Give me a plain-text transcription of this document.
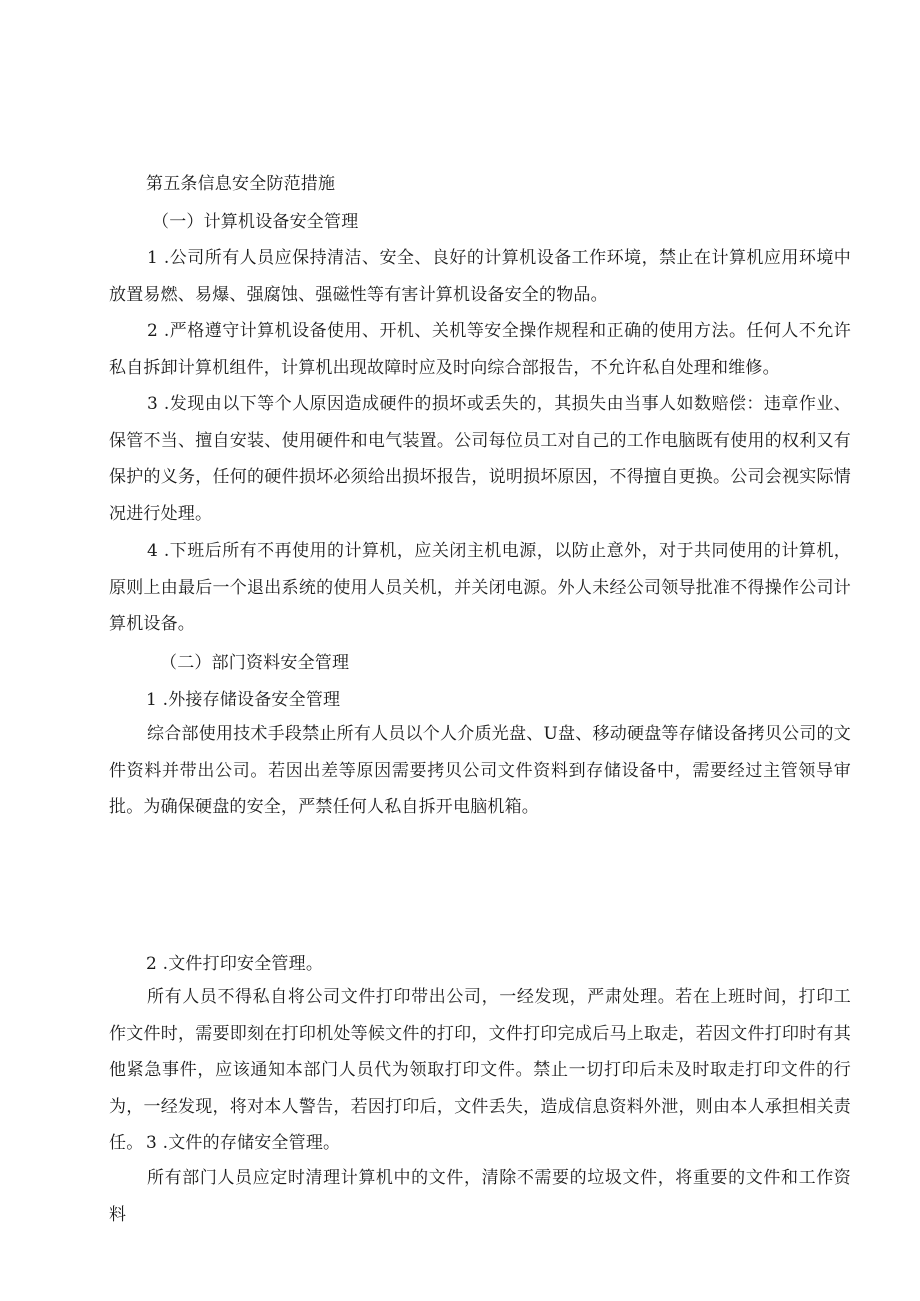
第五条信息安全防范措施
（一）计算机设备安全管理
1 .公司所有人员应保持清洁、安全、良好的计算机设备工作环境，禁止在计算机应用环境中放置易燃、易爆、强腐蚀、强磁性等有害计算机设备安全的物品。
2 .严格遵守计算机设备使用、开机、关机等安全操作规程和正确的使用方法。任何人不允许私自拆卸计算机组件，计算机出现故障时应及时向综合部报告，不允许私自处理和维修。
3 .发现由以下等个人原因造成硬件的损坏或丢失的，其损失由当事人如数赔偿：违章作业、保管不当、擅自安装、使用硬件和电气装置。公司每位员工对自己的工作电脑既有使用的权利又有保护的义务，任何的硬件损坏必须给出损坏报告，说明损坏原因，不得擅自更换。公司会视实际情况进行处理。
4 .下班后所有不再使用的计算机，应关闭主机电源，以防止意外，对于共同使用的计算机，原则上由最后一个退出系统的使用人员关机，并关闭电源。外人未经公司领导批准不得操作公司计算机设备。
（二）部门资料安全管理
1 .外接存储设备安全管理
综合部使用技术手段禁止所有人员以个人介质光盘、U盘、移动硬盘等存储设备拷贝公司的文件资料并带出公司。若因出差等原因需要拷贝公司文件资料到存储设备中，需要经过主管领导审批。为确保硬盘的安全，严禁任何人私自拆开电脑机箱。
2 .文件打印安全管理。
所有人员不得私自将公司文件打印带出公司，一经发现，严肃处理。若在上班时间，打印工作文件时，需要即刻在打印机处等候文件的打印，文件打印完成后马上取走，若因文件打印时有其他紧急事件，应该通知本部门人员代为领取打印文件。禁止一切打印后未及时取走打印文件的行为，一经发现，将对本人警告，若因打印后，文件丢失，造成信息资料外泄，则由本人承担相关责任。 3 .文件的存储安全管理。
所有部门人员应定时清理计算机中的文件，清除不需要的垃圾文件，将重要的文件和工作资料
